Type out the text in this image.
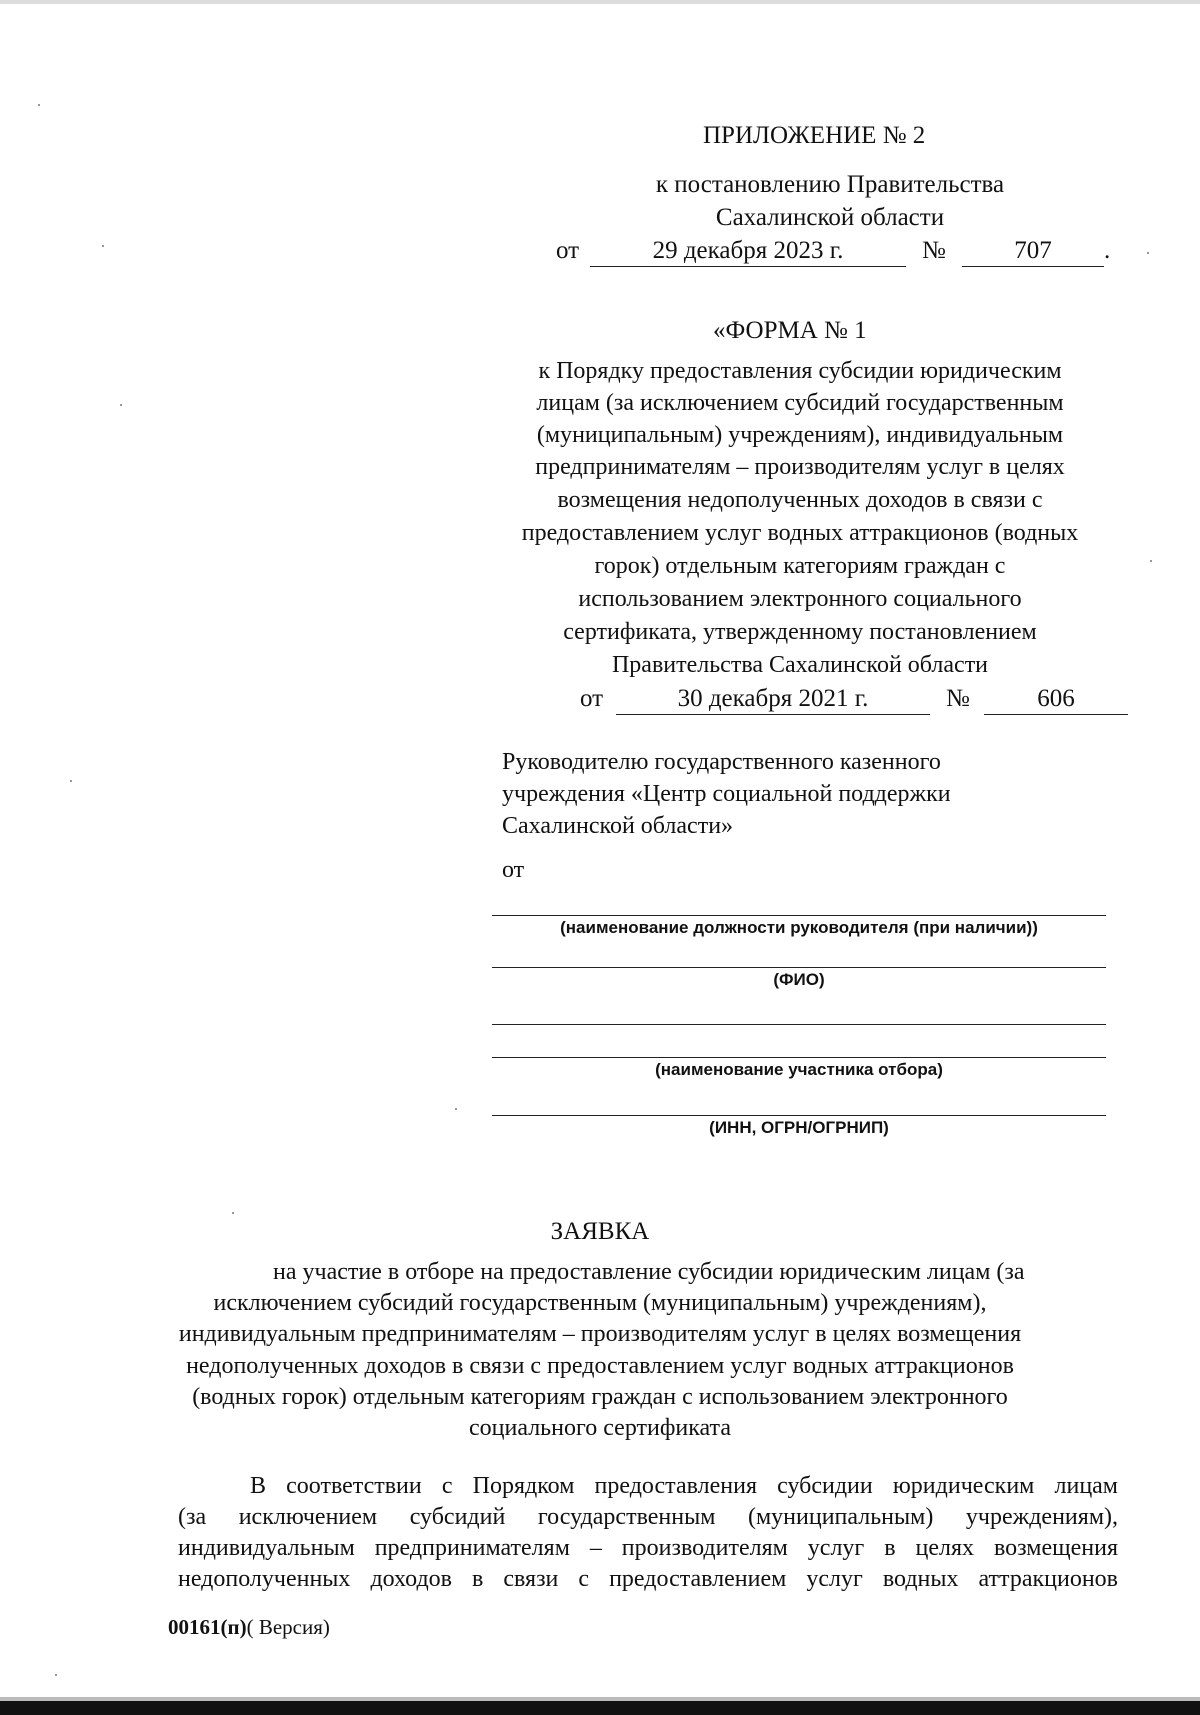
ПРИЛОЖЕНИЕ № 2
к постановлению Правительства
Сахалинской области
от	29 декабря 2023 г.	№	707	.
«ФОРМА № 1
к Порядку предоставления субсидии юридическим
лицам (за исключением субсидий государственным
(муниципальным) учреждениям), индивидуальным
предпринимателям – производителям услуг в целях
возмещения недополученных доходов в связи с
предоставлением услуг водных аттракционов (водных
горок) отдельным категориям граждан с
использованием электронного социального
сертификата, утвержденному постановлением
Правительства Сахалинской области
от	30 декабря 2021 г.	№	606
Руководителю государственного казенного
учреждения «Центр социальной поддержки
Сахалинской области»
от
(наименование должности руководителя (при наличии))
(ФИО)
(наименование участника отбора)
(ИНН, ОГРН/ОГРНИП)
ЗАЯВКА
на участие в отборе на предоставление субсидии юридическим лицам (за
исключением субсидий государственным (муниципальным) учреждениям),
индивидуальным предпринимателям – производителям услуг в целях возмещения
недополученных доходов в связи с предоставлением услуг водных аттракционов
(водных горок) отдельным категориям граждан с использованием электронного
социального сертификата
В соответствии с Порядком предоставления субсидии юридическим лицам
(за исключением субсидий государственным (муниципальным) учреждениям),
индивидуальным предпринимателям – производителям услуг в целях возмещения
недополученных доходов в связи с предоставлением услуг водных аттракционов
00161(п)( Версия)
